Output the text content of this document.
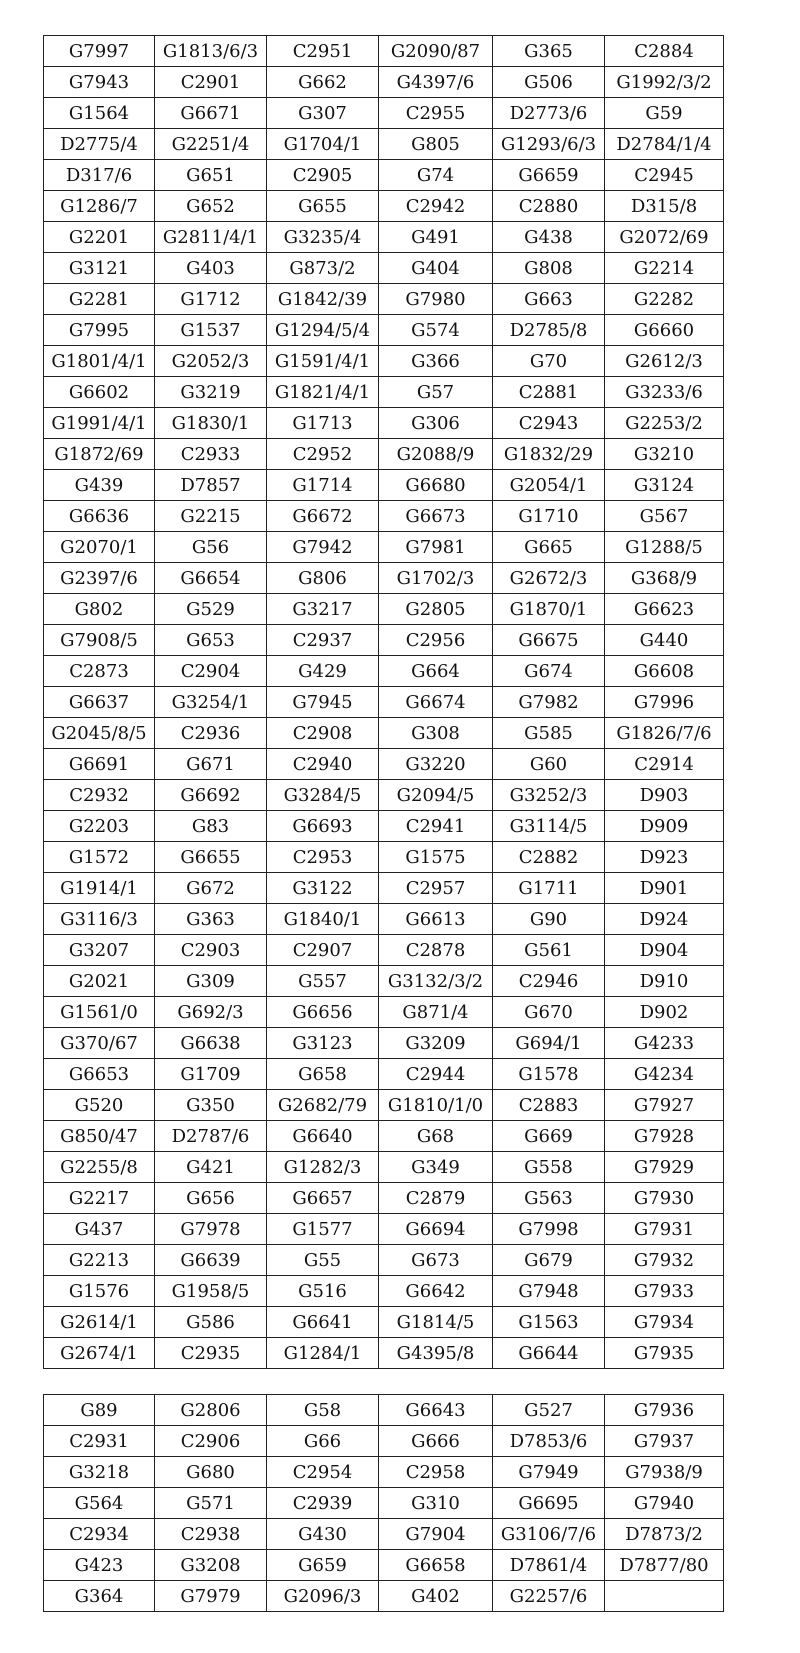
G7997	G1813/6/3	C2951	G2090/87	G365	C2884
G7943	C2901	G662	G4397/6	G506	G1992/3/2
G1564	G6671	G307	C2955	D2773/6	G59
D2775/4	G2251/4	G1704/1	G805	G1293/6/3	D2784/1/4
D317/6	G651	C2905	G74	G6659	C2945
G1286/7	G652	G655	C2942	C2880	D315/8
G2201	G2811/4/1	G3235/4	G491	G438	G2072/69
G3121	G403	G873/2	G404	G808	G2214
G2281	G1712	G1842/39	G7980	G663	G2282
G7995	G1537	G1294/5/4	G574	D2785/8	G6660
G1801/4/1	G2052/3	G1591/4/1	G366	G70	G2612/3
G6602	G3219	G1821/4/1	G57	C2881	G3233/6
G1991/4/1	G1830/1	G1713	G306	C2943	G2253/2
G1872/69	C2933	C2952	G2088/9	G1832/29	G3210
G439	D7857	G1714	G6680	G2054/1	G3124
G6636	G2215	G6672	G6673	G1710	G567
G2070/1	G56	G7942	G7981	G665	G1288/5
G2397/6	G6654	G806	G1702/3	G2672/3	G368/9
G802	G529	G3217	G2805	G1870/1	G6623
G7908/5	G653	C2937	C2956	G6675	G440
C2873	C2904	G429	G664	G674	G6608
G6637	G3254/1	G7945	G6674	G7982	G7996
G2045/8/5	C2936	C2908	G308	G585	G1826/7/6
G6691	G671	C2940	G3220	G60	C2914
C2932	G6692	G3284/5	G2094/5	G3252/3	D903
G2203	G83	G6693	C2941	G3114/5	D909
G1572	G6655	C2953	G1575	C2882	D923
G1914/1	G672	G3122	C2957	G1711	D901
G3116/3	G363	G1840/1	G6613	G90	D924
G3207	C2903	C2907	C2878	G561	D904
G2021	G309	G557	G3132/3/2	C2946	D910
G1561/0	G692/3	G6656	G871/4	G670	D902
G370/67	G6638	G3123	G3209	G694/1	G4233
G6653	G1709	G658	C2944	G1578	G4234
G520	G350	G2682/79	G1810/1/0	C2883	G7927
G850/47	D2787/6	G6640	G68	G669	G7928
G2255/8	G421	G1282/3	G349	G558	G7929
G2217	G656	G6657	C2879	G563	G7930
G437	G7978	G1577	G6694	G7998	G7931
G2213	G6639	G55	G673	G679	G7932
G1576	G1958/5	G516	G6642	G7948	G7933
G2614/1	G586	G6641	G1814/5	G1563	G7934
G2674/1	C2935	G1284/1	G4395/8	G6644	G7935
G89	G2806	G58	G6643	G527	G7936
C2931	C2906	G66	G666	D7853/6	G7937
G3218	G680	C2954	C2958	G7949	G7938/9
G564	G571	C2939	G310	G6695	G7940
C2934	C2938	G430	G7904	G3106/7/6	D7873/2
G423	G3208	G659	G6658	D7861/4	D7877/80
G364	G7979	G2096/3	G402	G2257/6	
